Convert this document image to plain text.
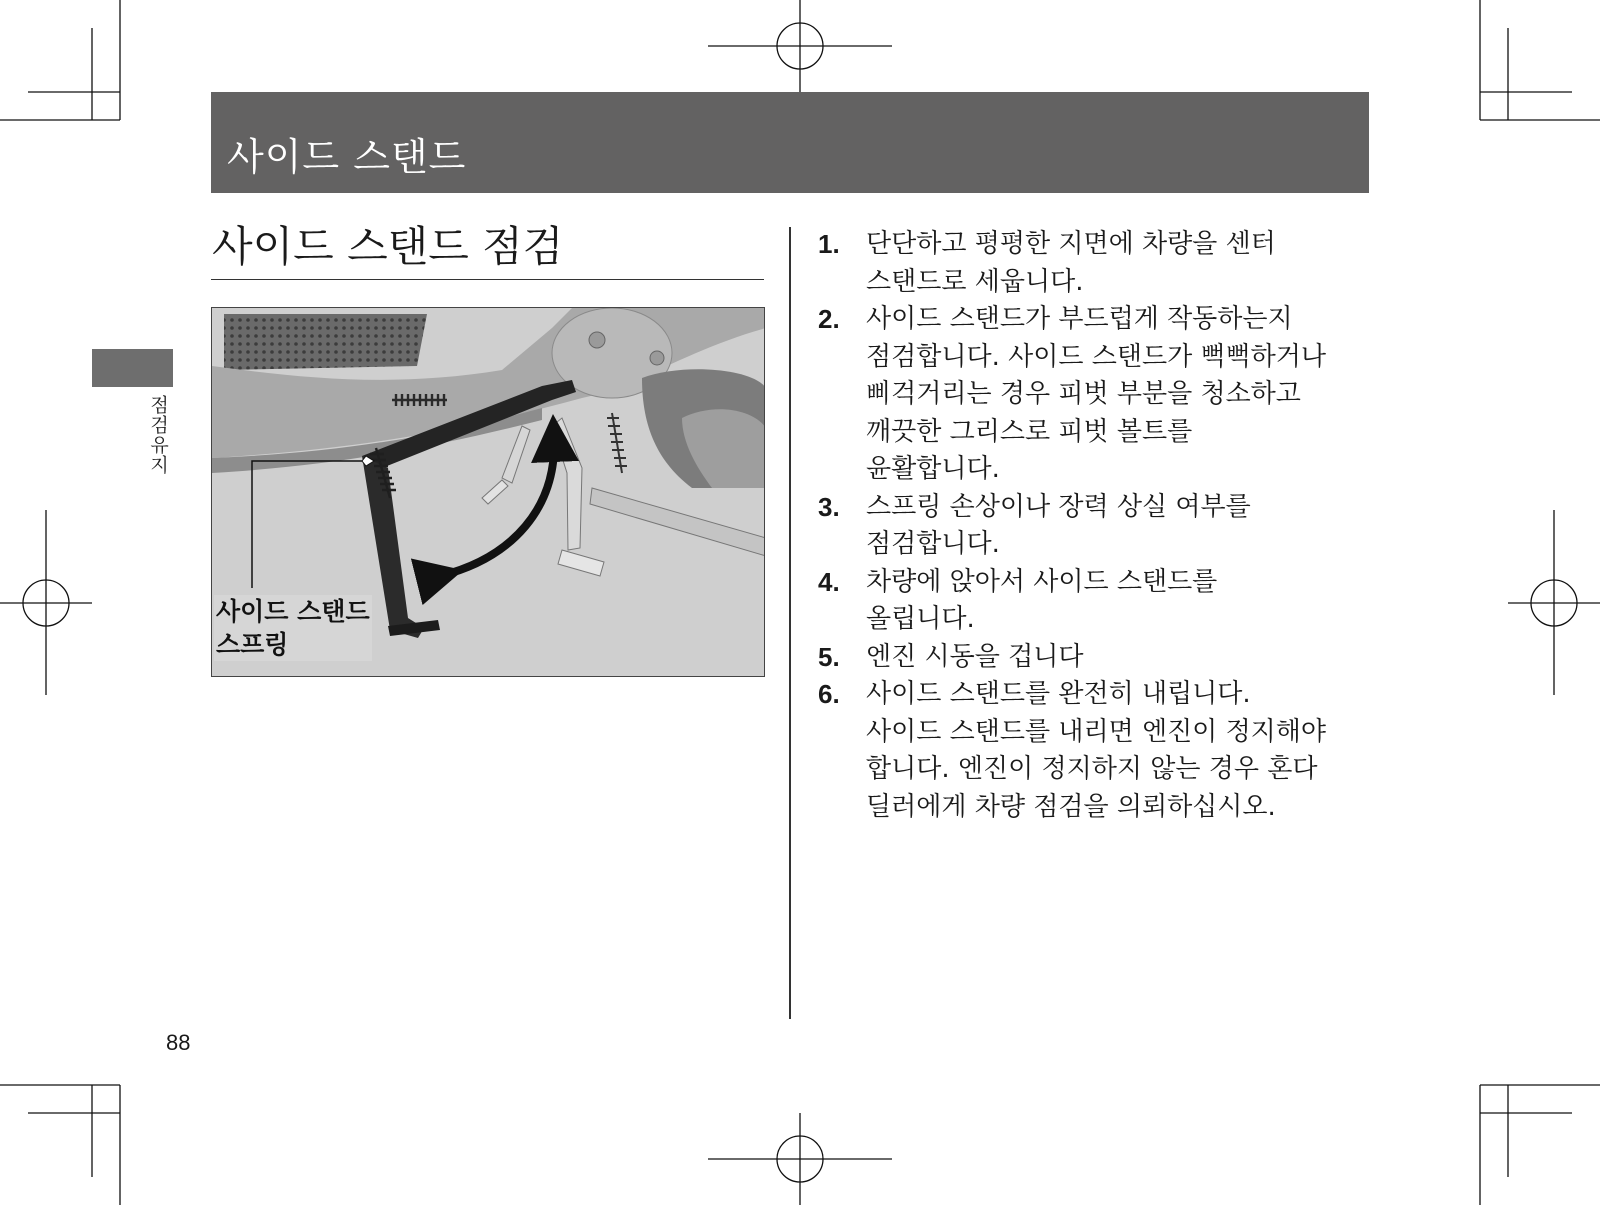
사이드 스탠드
점검유지
사이드 스탠드 점검
사이드 스탠드
스프링
1. 단단하고 평평한 지면에 차량을 센터
스탠드로 세웁니다.
2. 사이드 스탠드가 부드럽게 작동하는지
점검합니다. 사이드 스탠드가 뻑뻑하거나
삐걱거리는 경우 피벗 부분을 청소하고
깨끗한 그리스로 피벗 볼트를
윤활합니다.
3. 스프링 손상이나 장력 상실 여부를
점검합니다.
4. 차량에 앉아서 사이드 스탠드를
올립니다.
5. 엔진 시동을 겁니다
6. 사이드 스탠드를 완전히 내립니다.
사이드 스탠드를 내리면 엔진이 정지해야
합니다. 엔진이 정지하지 않는 경우 혼다
딜러에게 차량 점검을 의뢰하십시오.
88
